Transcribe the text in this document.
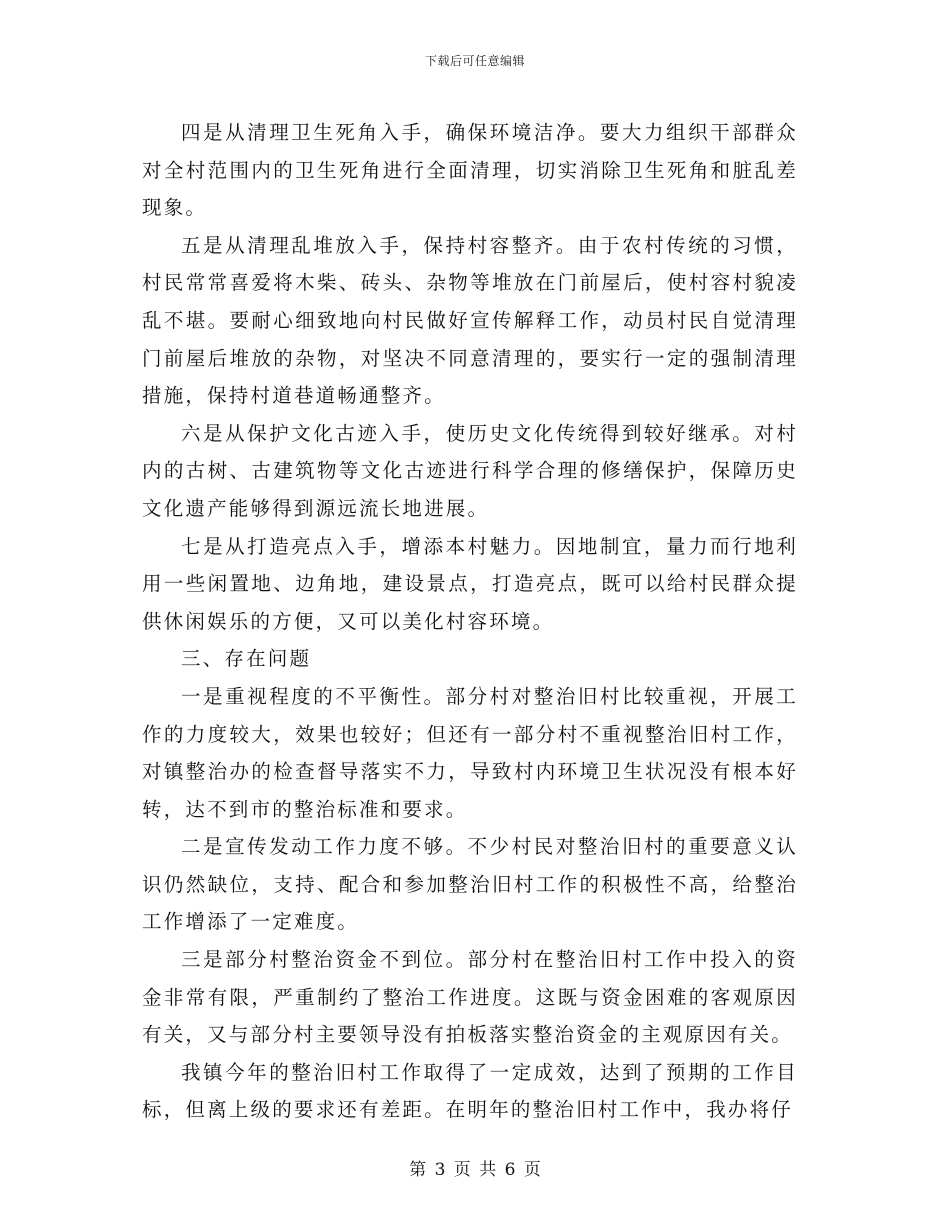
下载后可任意编辑

四是从清理卫生死角入手，确保环境洁净。要大力组织干部群众对全村范围内的卫生死角进行全面清理，切实消除卫生死角和脏乱差现象。

五是从清理乱堆放入手，保持村容整齐。由于农村传统的习惯，村民常常喜爱将木柴、砖头、杂物等堆放在门前屋后，使村容村貌凌乱不堪。要耐心细致地向村民做好宣传解释工作，动员村民自觉清理门前屋后堆放的杂物，对坚决不同意清理的，要实行一定的强制清理措施，保持村道巷道畅通整齐。

六是从保护文化古迹入手，使历史文化传统得到较好继承。对村内的古树、古建筑物等文化古迹进行科学合理的修缮保护，保障历史文化遗产能够得到源远流长地进展。

七是从打造亮点入手，增添本村魅力。因地制宜，量力而行地利用一些闲置地、边角地，建设景点，打造亮点，既可以给村民群众提供休闲娱乐的方便，又可以美化村容环境。

三、存在问题

一是重视程度的不平衡性。部分村对整治旧村比较重视，开展工作的力度较大，效果也较好；但还有一部分村不重视整治旧村工作，对镇整治办的检查督导落实不力，导致村内环境卫生状况没有根本好转，达不到市的整治标准和要求。

二是宣传发动工作力度不够。不少村民对整治旧村的重要意义认识仍然缺位，支持、配合和参加整治旧村工作的积极性不高，给整治工作增添了一定难度。

三是部分村整治资金不到位。部分村在整治旧村工作中投入的资金非常有限，严重制约了整治工作进度。这既与资金困难的客观原因有关，又与部分村主要领导没有拍板落实整治资金的主观原因有关。

我镇今年的整治旧村工作取得了一定成效，达到了预期的工作目标，但离上级的要求还有差距。在明年的整治旧村工作中，我办将仔

第 3 页 共 6 页
